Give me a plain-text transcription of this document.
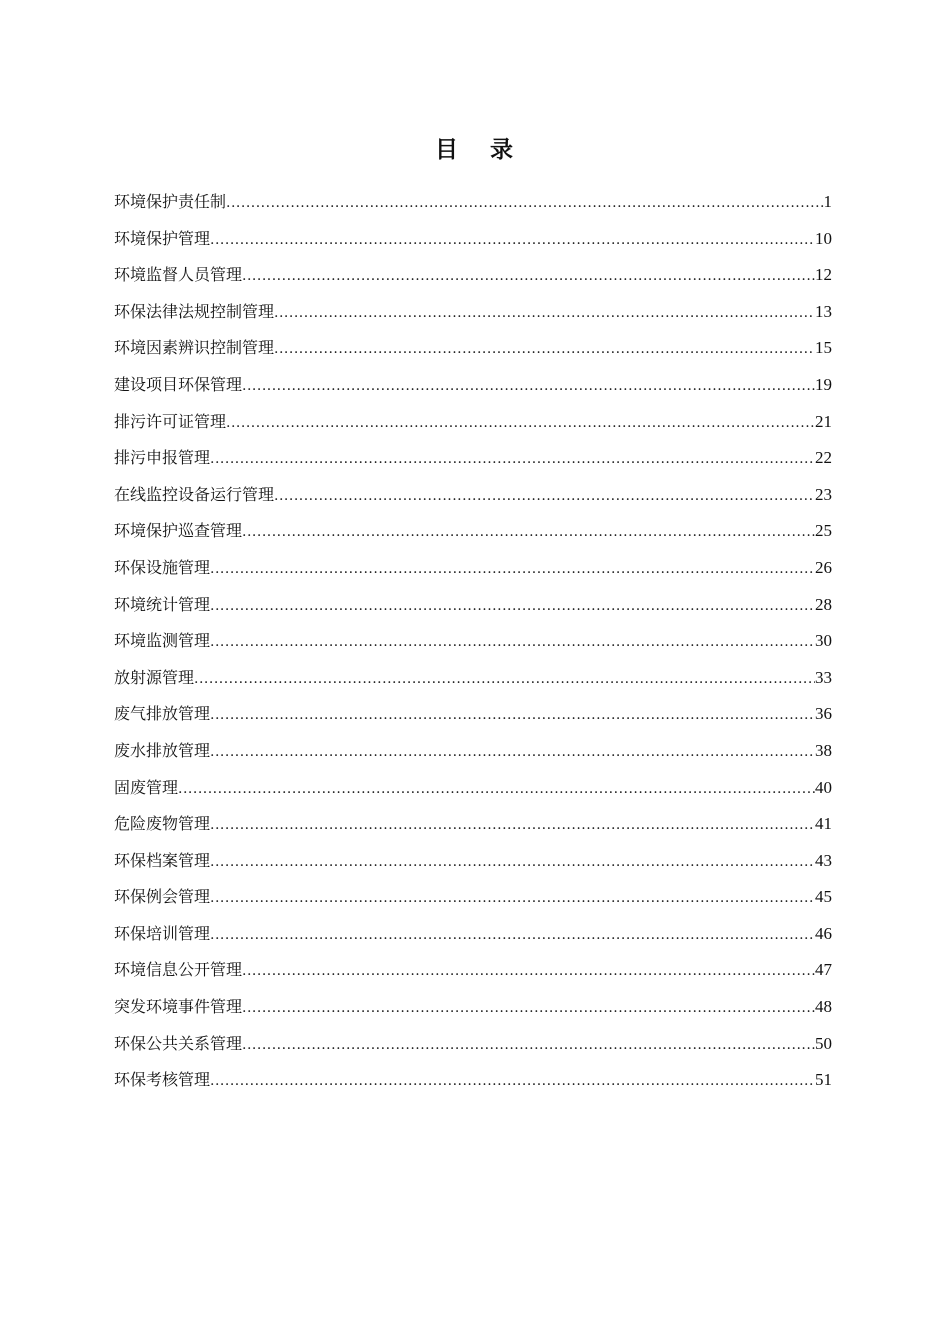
目 录
环境保护责任制 .....	1
环境保护管理 .....	10
环境监督人员管理 .....	12
环保法律法规控制管理 .....	13
环境因素辨识控制管理 .....	15
建设项目环保管理 .....	19
排污许可证管理 .....	21
排污申报管理 .....	22
在线监控设备运行管理 .....	23
环境保护巡查管理 .....	25
环保设施管理 .....	26
环境统计管理 .....	28
环境监测管理 .....	30
放射源管理 .....	33
废气排放管理 .....	36
废水排放管理 .....	38
固废管理 .....	40
危险废物管理 .....	41
环保档案管理 .....	43
环保例会管理 .....	45
环保培训管理 .....	46
环境信息公开管理 .....	47
突发环境事件管理 .....	48
环保公共关系管理 .....	50
环保考核管理 .....	51
